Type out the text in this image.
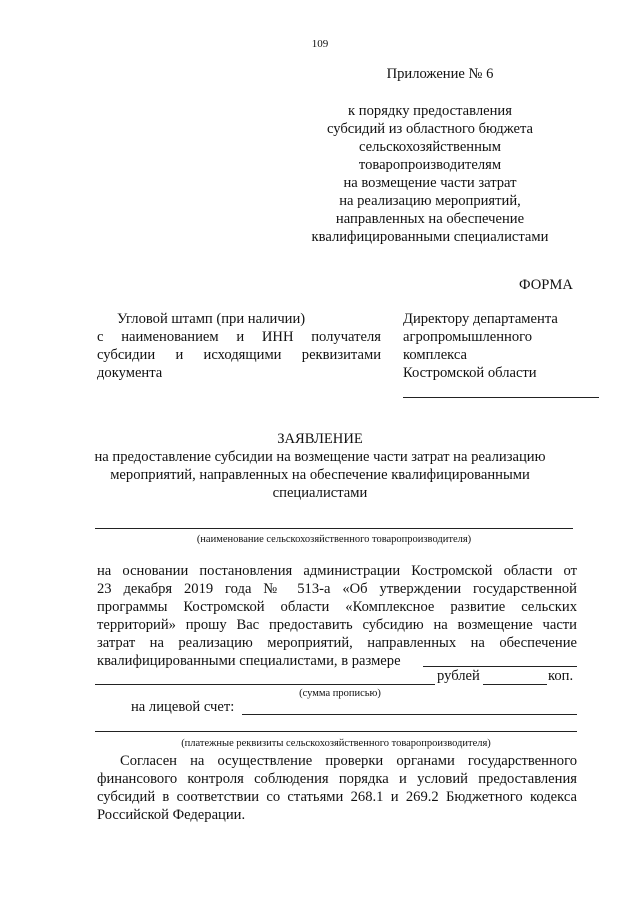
109
Приложение № 6
к порядку предоставления
субсидий из областного бюджета
сельскохозяйственным
товаропроизводителям
на возмещение части затрат
на реализацию мероприятий,
направленных на обеспечение
квалифицированными специалистами
ФОРМА
Угловой штамп (при наличии)
с наименованием и ИНН получателя
субсидии и исходящими реквизитами
документа
Директору департамента
агропромышленного
комплекса
Костромской области
ЗАЯВЛЕНИЕ
на предоставление субсидии на возмещение части затрат на реализацию
мероприятий, направленных на обеспечение квалифицированными
специалистами
(наименование сельскохозяйственного товаропроизводителя)
на основании постановления администрации Костромской области от
23 декабря 2019 года № 513-а «Об утверждении государственной
программы Костромской области «Комплексное развитие сельских
территорий» прошу Вас предоставить субсидию на возмещение части
затрат на реализацию мероприятий, направленных на обеспечение
квалифицированными специалистами, в размере
рублей	коп.
(сумма прописью)
на лицевой счет:
(платежные реквизиты сельскохозяйственного товаропроизводителя)
Согласен на осуществление проверки органами государственного
финансового контроля соблюдения порядка и условий предоставления
субсидий в соответствии со статьями 268.1 и 269.2 Бюджетного кодекса
Российской Федерации.
